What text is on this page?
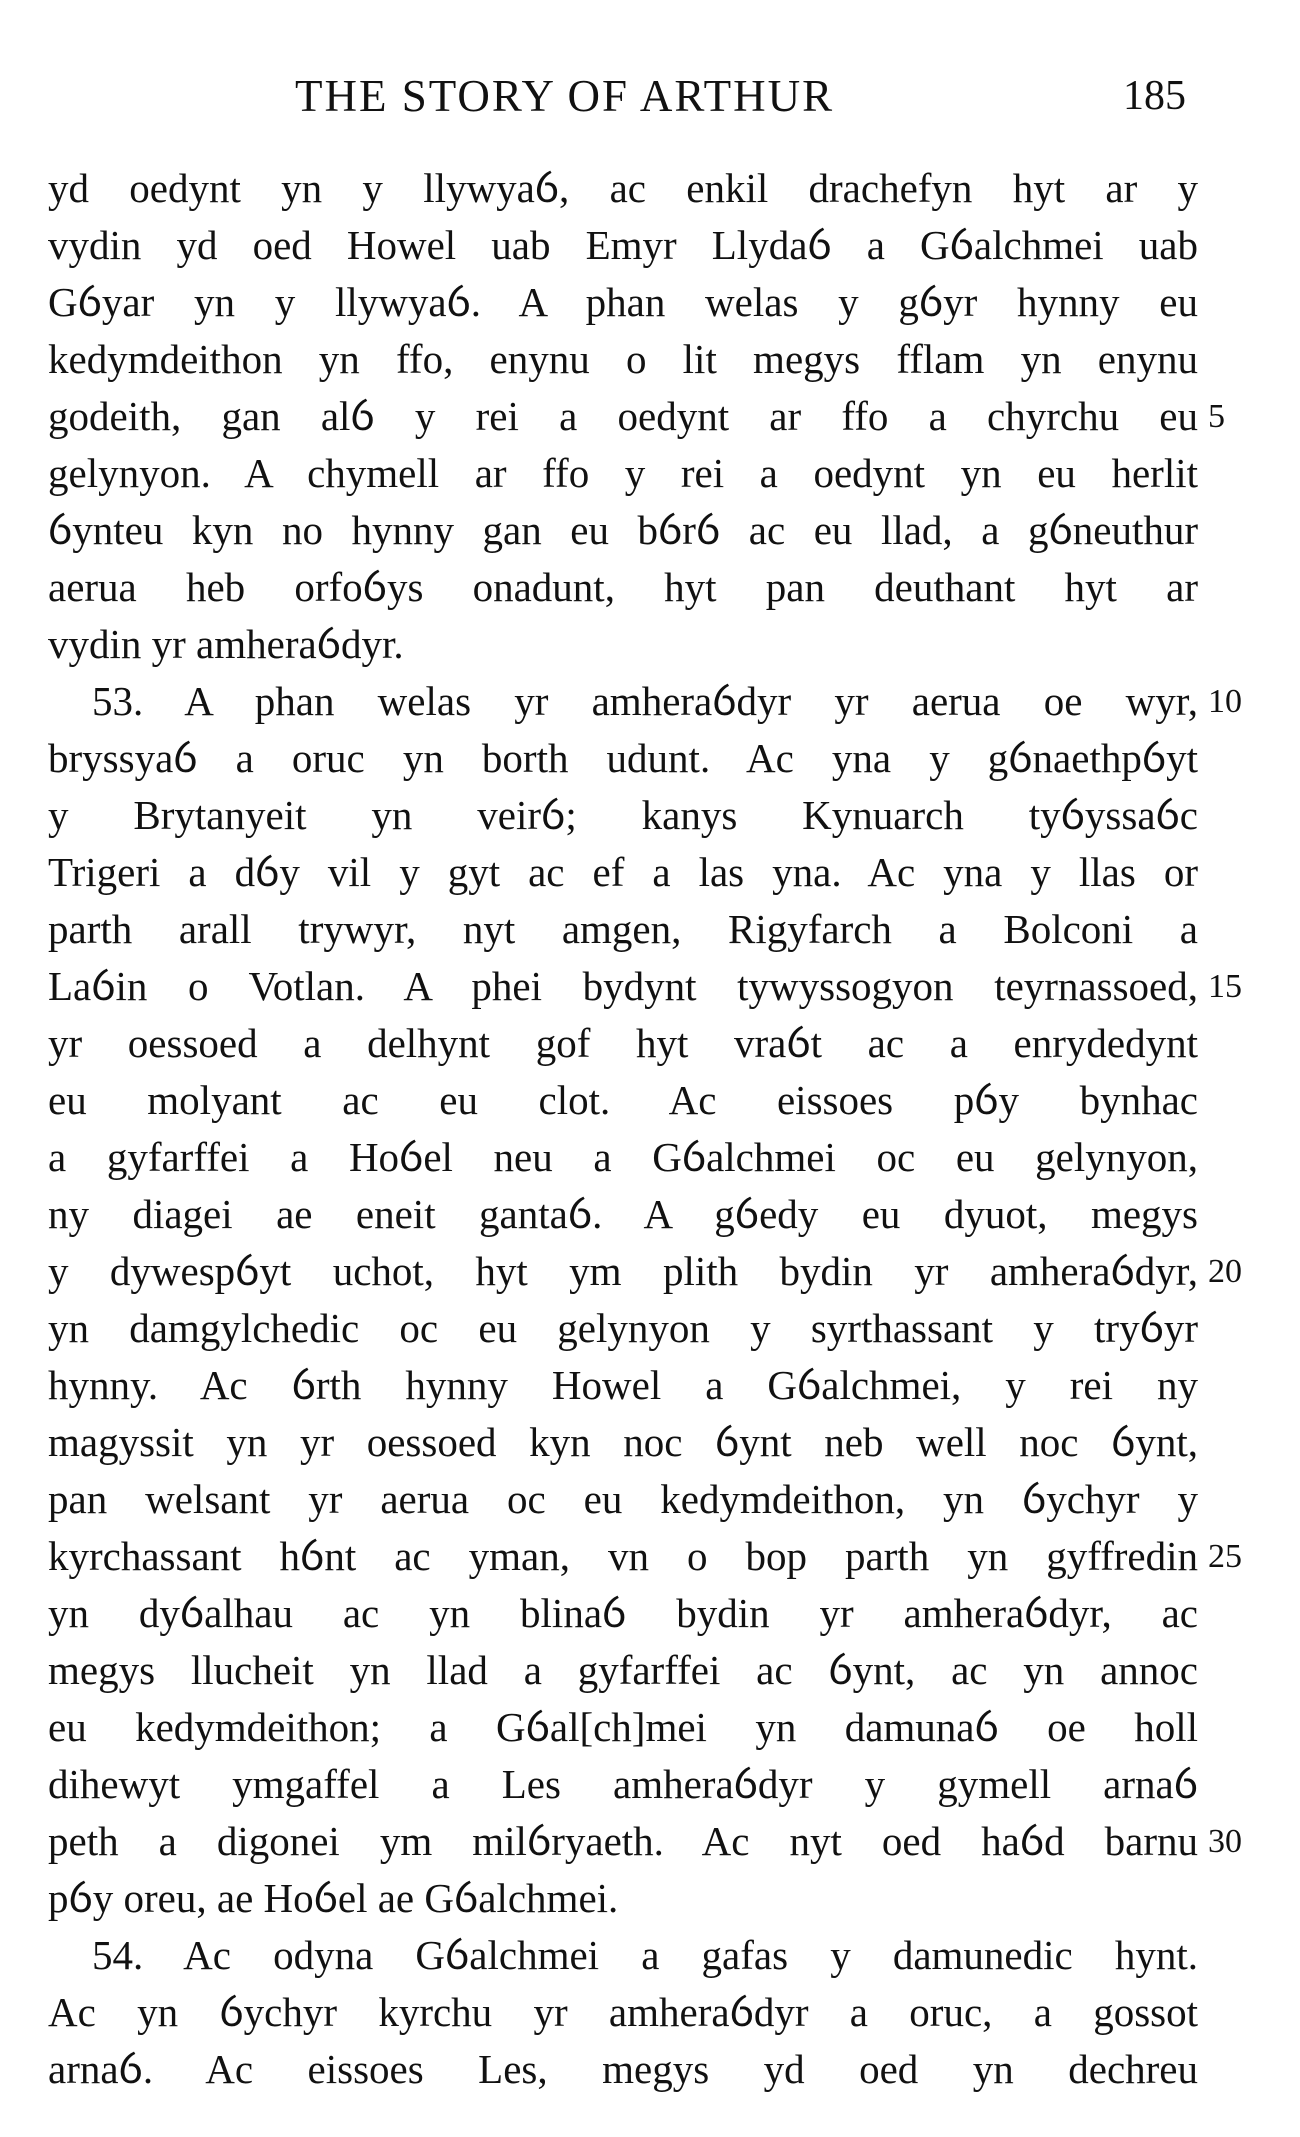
THE STORY OF ARTHUR	185
yd oedynt yn y llywyaỽ, ac enkil drachefyn hyt ar y
vydin yd oed Howel uab Emyr Llydaỽ a Gỽalchmei uab
Gỽyar yn y llywyaỽ. A phan welas y gỽyr hynny eu
kedymdeithon yn ffo, enynu o lit megys fflam yn enynu
godeith, gan alỽ y rei a oedynt ar ffo a chyrchu eu 5
gelynyon. A chymell ar ffo y rei a oedynt yn eu herlit
ỽynteu kyn no hynny gan eu bỽrỽ ac eu llad, a gỽneuthur
aerua heb orfoỽys onadunt, hyt pan deuthant hyt ar
vydin yr amheraỽdyr.
53. A phan welas yr amheraỽdyr yr aerua oe wyr, 10
bryssyaỽ a oruc yn borth udunt. Ac yna y gỽnaethpỽyt
y Brytanyeit yn veirỽ; kanys Kynuarch tyỽyssaỽc
Trigeri a dỽy vil y gyt ac ef a las yna. Ac yna y llas or
parth arall trywyr, nyt amgen, Rigyfarch a Bolconi a
Laỽin o Votlan. A phei bydynt tywyssogyon teyrnassoed, 15
yr oessoed a delhynt gof hyt vraỽt ac a enrydedynt
eu molyant ac eu clot. Ac eissoes pỽy bynhac
a gyfarffei a Hoỽel neu a Gỽalchmei oc eu gelynyon,
ny diagei ae eneit gantaỽ. A gỽedy eu dyuot, megys
y dywespỽyt uchot, hyt ym plith bydin yr amheraỽdyr, 20
yn damgylchedic oc eu gelynyon y syrthassant y tryỽyr
hynny. Ac ỽrth hynny Howel a Gỽalchmei, y rei ny
magyssit yn yr oessoed kyn noc ỽynt neb well noc ỽynt,
pan welsant yr aerua oc eu kedymdeithon, yn ỽychyr y
kyrchassant hỽnt ac yman, vn o bop parth yn gyffredin 25
yn dyỽalhau ac yn blinaỽ bydin yr amheraỽdyr, ac
megys llucheit yn llad a gyfarffei ac ỽynt, ac yn annoc
eu kedymdeithon; a Gỽal[ch]mei yn damunaỽ oe holl
dihewyt ymgaffel a Les amheraỽdyr y gymell arnaỽ
peth a digonei ym milỽryaeth. Ac nyt oed haỽd barnu 30
pỽy oreu, ae Hoỽel ae Gỽalchmei.
54. Ac odyna Gỽalchmei a gafas y damunedic hynt.
Ac yn ỽychyr kyrchu yr amheraỽdyr a oruc, a gossot
arnaỽ. Ac eissoes Les, megys yd oed yn dechreu
